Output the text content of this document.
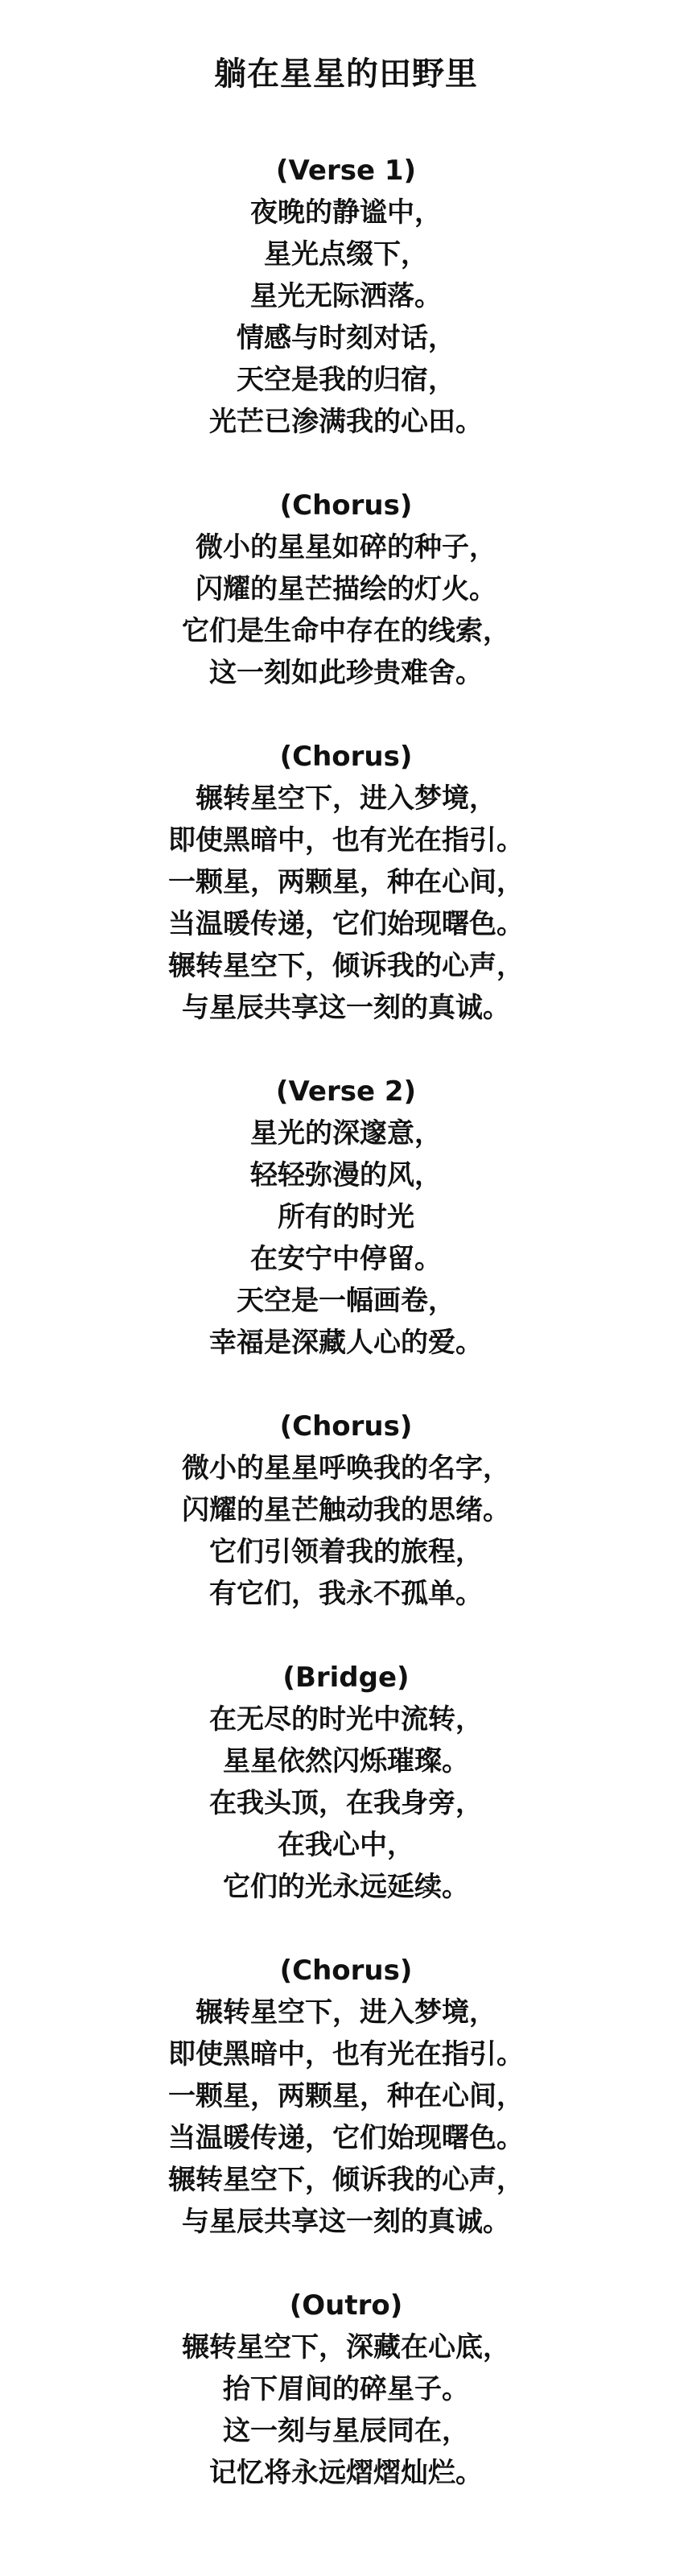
躺在星星的田野里

(Verse 1)

夜晚的静谧中，

星光点缀下，

星光无际洒落。

情感与时刻对话，

天空是我的归宿，

光芒已渗满我的心田。

(Chorus)

微小的星星如碎的种子，

闪耀的星芒描绘的灯火。

它们是生命中存在的线索，

这一刻如此珍贵难舍。

(Chorus)

辗转星空下，进入梦境，

即使黑暗中，也有光在指引。

一颗星，两颗星，种在心间，

当温暖传递，它们始现曙色。

辗转星空下，倾诉我的心声，

与星辰共享这一刻的真诚。

(Verse 2)

星光的深邃意，

轻轻弥漫的风，

所有的时光

在安宁中停留。

天空是一幅画卷，

幸福是深藏人心的爱。

(Chorus)

微小的星星呼唤我的名字，

闪耀的星芒触动我的思绪。

它们引领着我的旅程，

有它们，我永不孤单。

(Bridge)

在无尽的时光中流转，

星星依然闪烁璀璨。

在我头顶，在我身旁，

在我心中，

它们的光永远延续。

(Chorus)

辗转星空下，进入梦境，

即使黑暗中，也有光在指引。

一颗星，两颗星，种在心间，

当温暖传递，它们始现曙色。

辗转星空下，倾诉我的心声，

与星辰共享这一刻的真诚。

(Outro)

辗转星空下，深藏在心底，

抬下眉间的碎星子。

这一刻与星辰同在，

记忆将永远熠熠灿烂。
